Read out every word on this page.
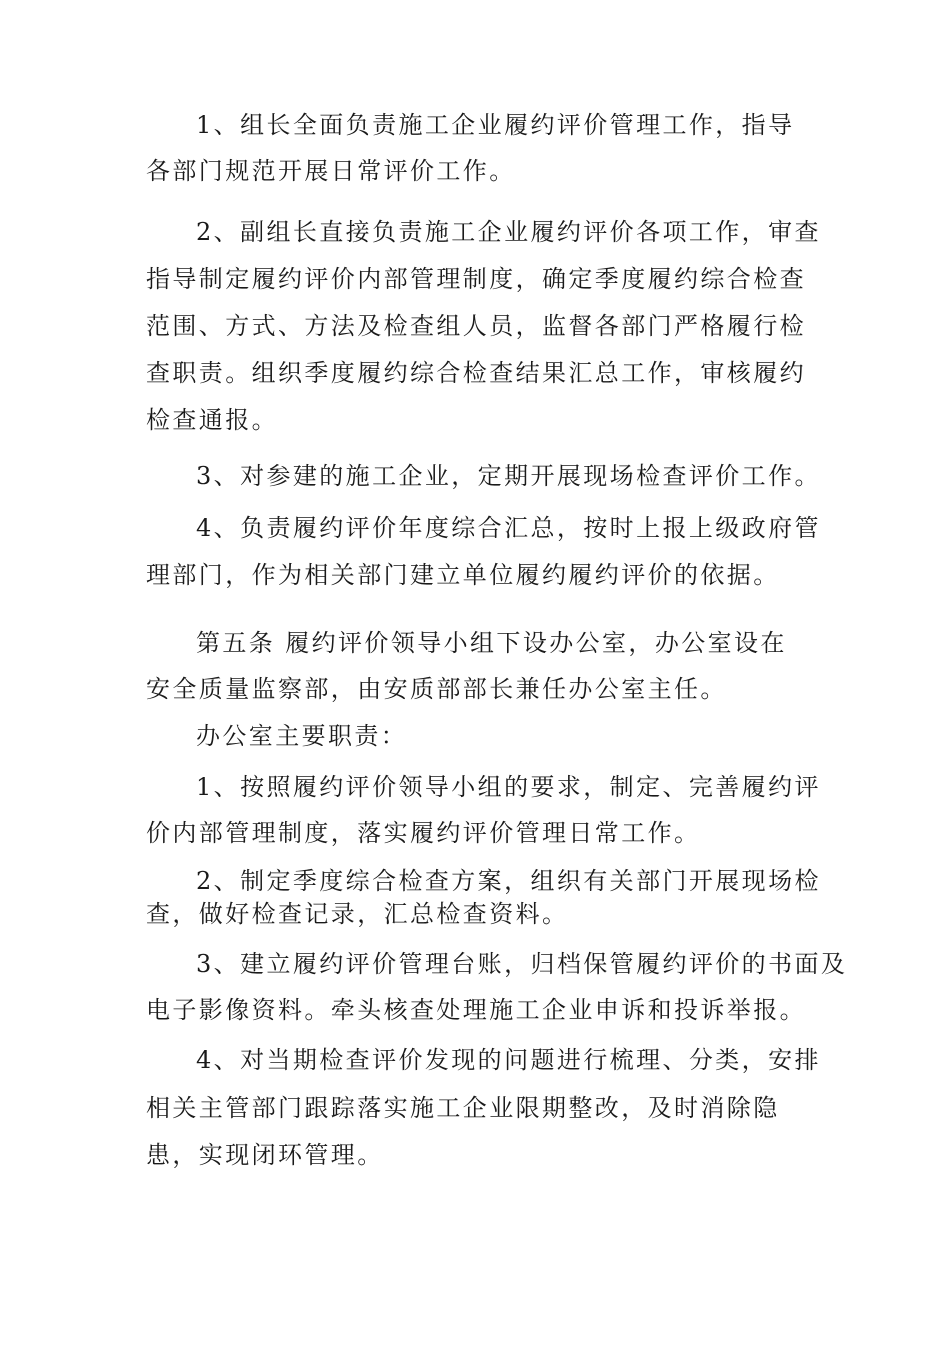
1、组长全面负责施工企业履约评价管理工作，指导
各部门规范开展日常评价工作。
2、副组长直接负责施工企业履约评价各项工作，审查
指导制定履约评价内部管理制度，确定季度履约综合检查
范围、方式、方法及检查组人员，监督各部门严格履行检
查职责。组织季度履约综合检查结果汇总工作，审核履约
检查通报。
3、对参建的施工企业，定期开展现场检查评价工作。
4、负责履约评价年度综合汇总，按时上报上级政府管
理部门，作为相关部门建立单位履约履约评价的依据。
第五条 履约评价领导小组下设办公室，办公室设在
安全质量监察部，由安质部部长兼任办公室主任。
办公室主要职责：
1、按照履约评价领导小组的要求，制定、完善履约评
价内部管理制度，落实履约评价管理日常工作。
2、制定季度综合检查方案，组织有关部门开展现场检
查，做好检查记录，汇总检查资料。
3、建立履约评价管理台账，归档保管履约评价的书面及
电子影像资料。牵头核查处理施工企业申诉和投诉举报。
4、对当期检查评价发现的问题进行梳理、分类，安排
相关主管部门跟踪落实施工企业限期整改，及时消除隐
患，实现闭环管理。
